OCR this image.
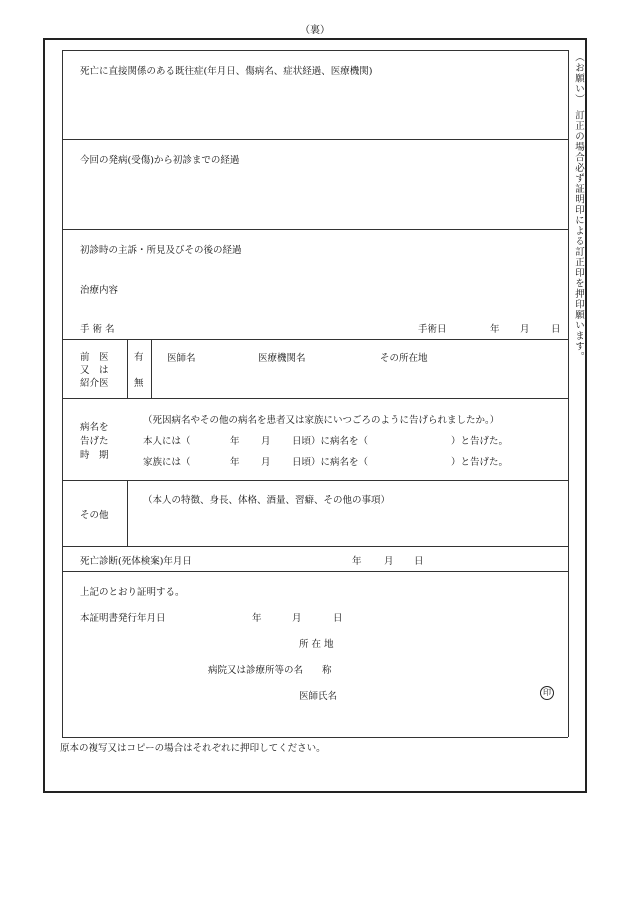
（裏）
死亡に直接関係のある既往症(年月日、傷病名、症状経過、医療機関)
今回の発病(受傷)から初診までの経過
初診時の主訴・所見及びその後の経過
治療内容
手 術 名	手術日	年 月 日
前　医
又　は
紹介医
有
無
医師名	医療機関名	その所在地
病名を
告げた
時　期
（死因病名やその他の病名を患者又は家族にいつごろのように告げられましたか。）
本人には（	年 月 日頃）に病名を（	）と告げた。
家族には（	年 月 日頃）に病名を（	）と告げた。
その他
（本人の特徴、身長、体格、酒量、習癖、その他の事項）
死亡診断(死体検案)年月日	年 月 日
上記のとおり証明する。
本証明書発行年月日	年	月	日
所 在 地
病院又は診療所等の名　　称
医師氏名	印
原本の複写又はコピーの場合はそれぞれに押印してください。
（お願い）　訂正の場合必ず証明印による訂正印を押印願います。
